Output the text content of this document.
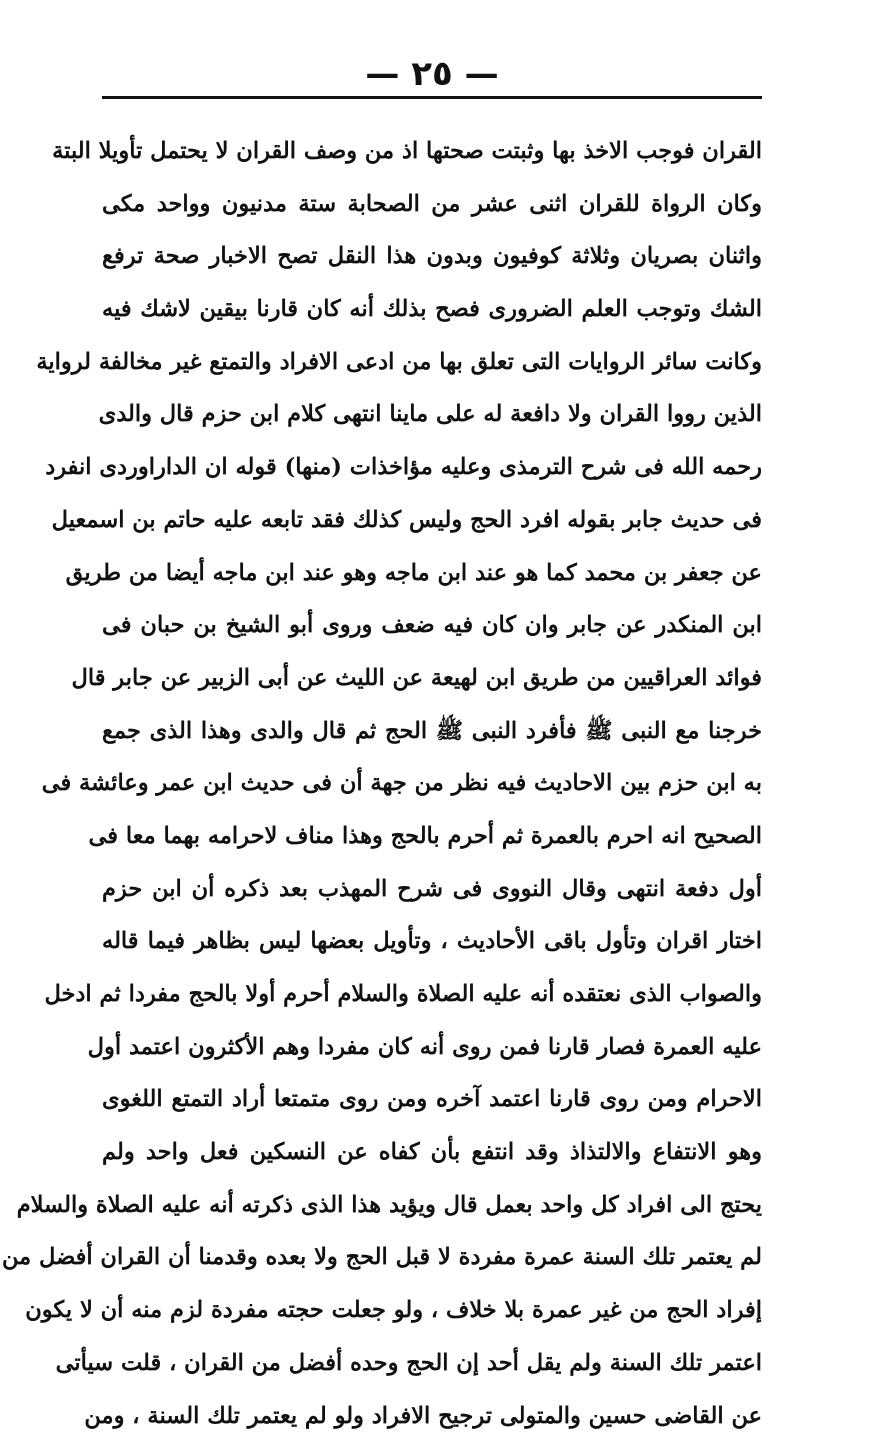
— ٢٥ —
القران فوجب الاخذ بها وثبتت صحتها اذ من وصف القران لا يحتمل تأويلا البتة
وكان الرواة للقران اثنى عشر من الصحابة ستة مدنيون وواحد مكى
واثنان بصريان وثلاثة كوفيون وبدون هذا النقل تصح الاخبار صحة ترفع
الشك وتوجب العلم الضرورى فصح بذلك أنه كان قارنا بيقين لاشك فيه
وكانت سائر الروايات التى تعلق بها من ادعى الافراد والتمتع غير مخالفة لرواية
الذين رووا القران ولا دافعة له على ماينا انتهى كلام ابن حزم قال والدى
رحمه الله فى شرح الترمذى وعليه مؤاخذات (منها) قوله ان الداراوردى انفرد
فى حديث جابر بقوله افرد الحج وليس كذلك فقد تابعه عليه حاتم بن اسمعيل
عن جعفر بن محمد كما هو عند ابن ماجه وهو عند ابن ماجه أيضا من طريق
ابن المنكدر عن جابر وان كان فيه ضعف وروى أبو الشيخ بن حبان فى
فوائد العراقيين من طريق ابن لهيعة عن الليث عن أبى الزبير عن جابر قال
خرجنا مع النبى ﷺ فأفرد النبى ﷺ الحج ثم قال والدى وهذا الذى جمع
به ابن حزم بين الاحاديث فيه نظر من جهة أن فى حديث ابن عمر وعائشة فى
الصحيح انه احرم بالعمرة ثم أحرم بالحج وهذا مناف لاحرامه بهما معا فى
أول دفعة انتهى وقال النووى فى شرح المهذب بعد ذكره أن ابن حزم
اختار اقران وتأول باقى الأحاديث ، وتأويل بعضها ليس بظاهر فيما قاله
والصواب الذى نعتقده أنه عليه الصلاة والسلام أحرم أولا بالحج مفردا ثم ادخل
عليه العمرة فصار قارنا فمن روى أنه كان مفردا وهم الأكثرون اعتمد أول
الاحرام ومن روى قارنا اعتمد آخره ومن روى متمتعا أراد التمتع اللغوى
وهو الانتفاع والالتذاذ وقد انتفع بأن كفاه عن النسكين فعل واحد ولم
يحتج الى افراد كل واحد بعمل قال ويؤيد هذا الذى ذكرته أنه عليه الصلاة والسلام
لم يعتمر تلك السنة عمرة مفردة لا قبل الحج ولا بعده وقدمنا أن القران أفضل من
إفراد الحج من غير عمرة بلا خلاف ، ولو جعلت حجته مفردة لزم منه أن لا يكون
اعتمر تلك السنة ولم يقل أحد إن الحج وحده أفضل من القران ، قلت سيأتى
عن القاضى حسين والمتولى ترجيح الافراد ولو لم يعتمر تلك السنة ، ومن
